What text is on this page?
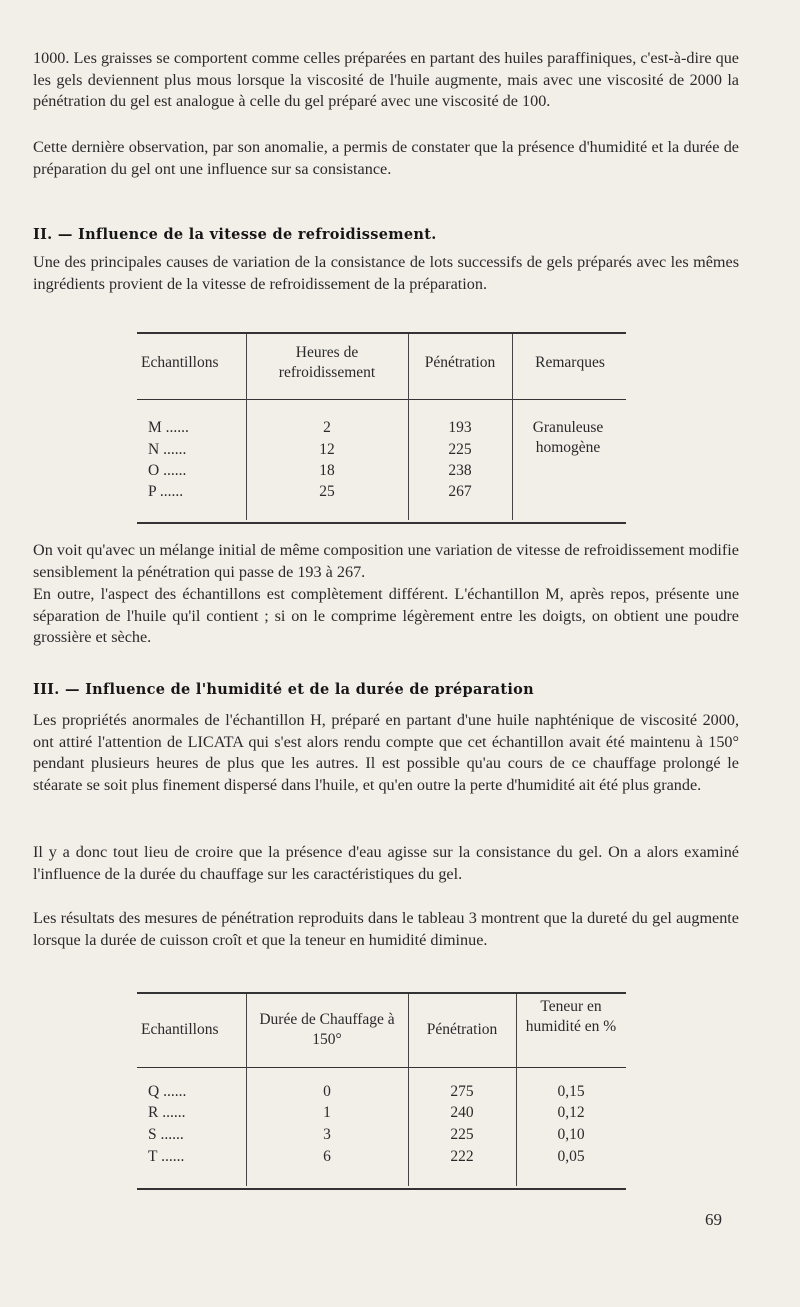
1000. Les graisses se comportent comme celles préparées en partant des huiles paraffiniques, c'est-à-dire que les gels deviennent plus mous lorsque la viscosité de l'huile augmente, mais avec une viscosité de 2000 la pénétration du gel est analogue à celle du gel préparé avec une viscosité de 100.

Cette dernière observation, par son anomalie, a permis de constater que la présence d'humidité et la durée de préparation du gel ont une influence sur sa consistance.

II. — Influence de la vitesse de refroidissement.

Une des principales causes de variation de la consistance de lots successifs de gels préparés avec les mêmes ingrédients provient de la vitesse de refroidissement de la préparation.

Echantillons
Heures de refroidissement
Pénétration	Remarques
M ......
N ......
O ......
P ......
2
12
18
25
193
225
238
267
Granuleuse homogène

On voit qu'avec un mélange initial de même composition une variation de vitesse de refroidissement modifie sensiblement la pénétration qui passe de 193 à 267.

En outre, l'aspect des échantillons est complètement différent. L'échantillon M, après repos, présente une séparation de l'huile qu'il contient ; si on le comprime légèrement entre les doigts, on obtient une poudre grossière et sèche.

III. — Influence de l'humidité et de la durée de préparation

Les propriétés anormales de l'échantillon H, préparé en partant d'une huile naphténique de viscosité 2000, ont attiré l'attention de LICATA qui s'est alors rendu compte que cet échantillon avait été maintenu à 150° pendant plusieurs heures de plus que les autres. Il est possible qu'au cours de ce chauffage prolongé le stéarate se soit plus finement dispersé dans l'huile, et qu'en outre la perte d'humidité ait été plus grande.

Il y a donc tout lieu de croire que la présence d'eau agisse sur la consistance du gel. On a alors examiné l'influence de la durée du chauffage sur les caractéristiques du gel.

Les résultats des mesures de pénétration reproduits dans le tableau 3 montrent que la dureté du gel augmente lorsque la durée de cuisson croît et que la teneur en humidité diminue.

Echantillons
Durée de Chauffage à 150°
Pénétration
Teneur en humidité en %
Q ......
R ......
S ......
T ......
0
1
3
6
275
240
225
222
0,15
0,12
0,10
0,05
69
